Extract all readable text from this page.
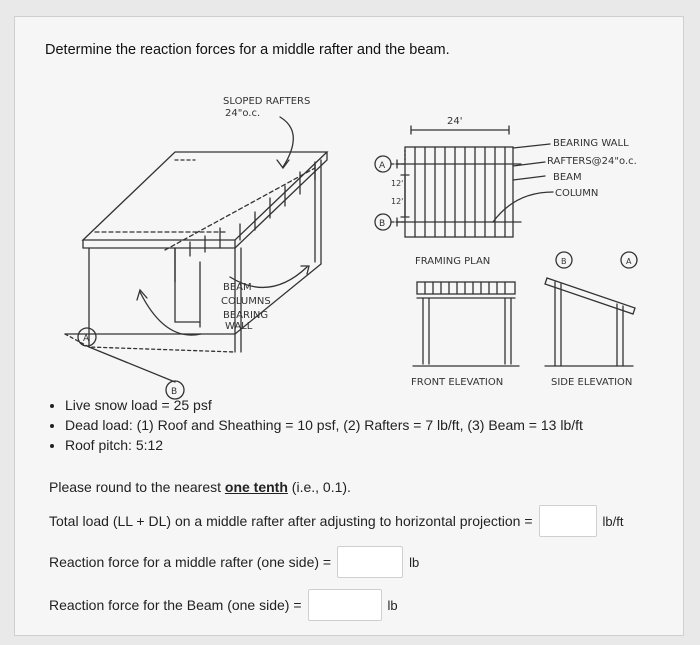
Determine the reaction forces for a middle rafter and the beam.
SLOPED RAFTERS
24"o.c.
BEAM
COLUMNS
BEARING
WALL
A
B
24'
12'
12'
BEARING WALL
RAFTERS@24"o.c.
BEAM
COLUMN
FRAMING PLAN
A
B
B	A
FRONT ELEVATION	SIDE ELEVATION
• Live snow load = 25 psf
• Dead load: (1) Roof and Sheathing = 10 psf, (2) Rafters = 7 lb/ft, (3) Beam = 13 lb/ft
• Roof pitch: 5:12
Please round to the nearest one tenth (i.e., 0.1).
Total load (LL + DL) on a middle rafter after adjusting to horizontal projection =	lb/ft
Reaction force for a middle rafter (one side) =	lb
Reaction force for the Beam (one side) =	lb
